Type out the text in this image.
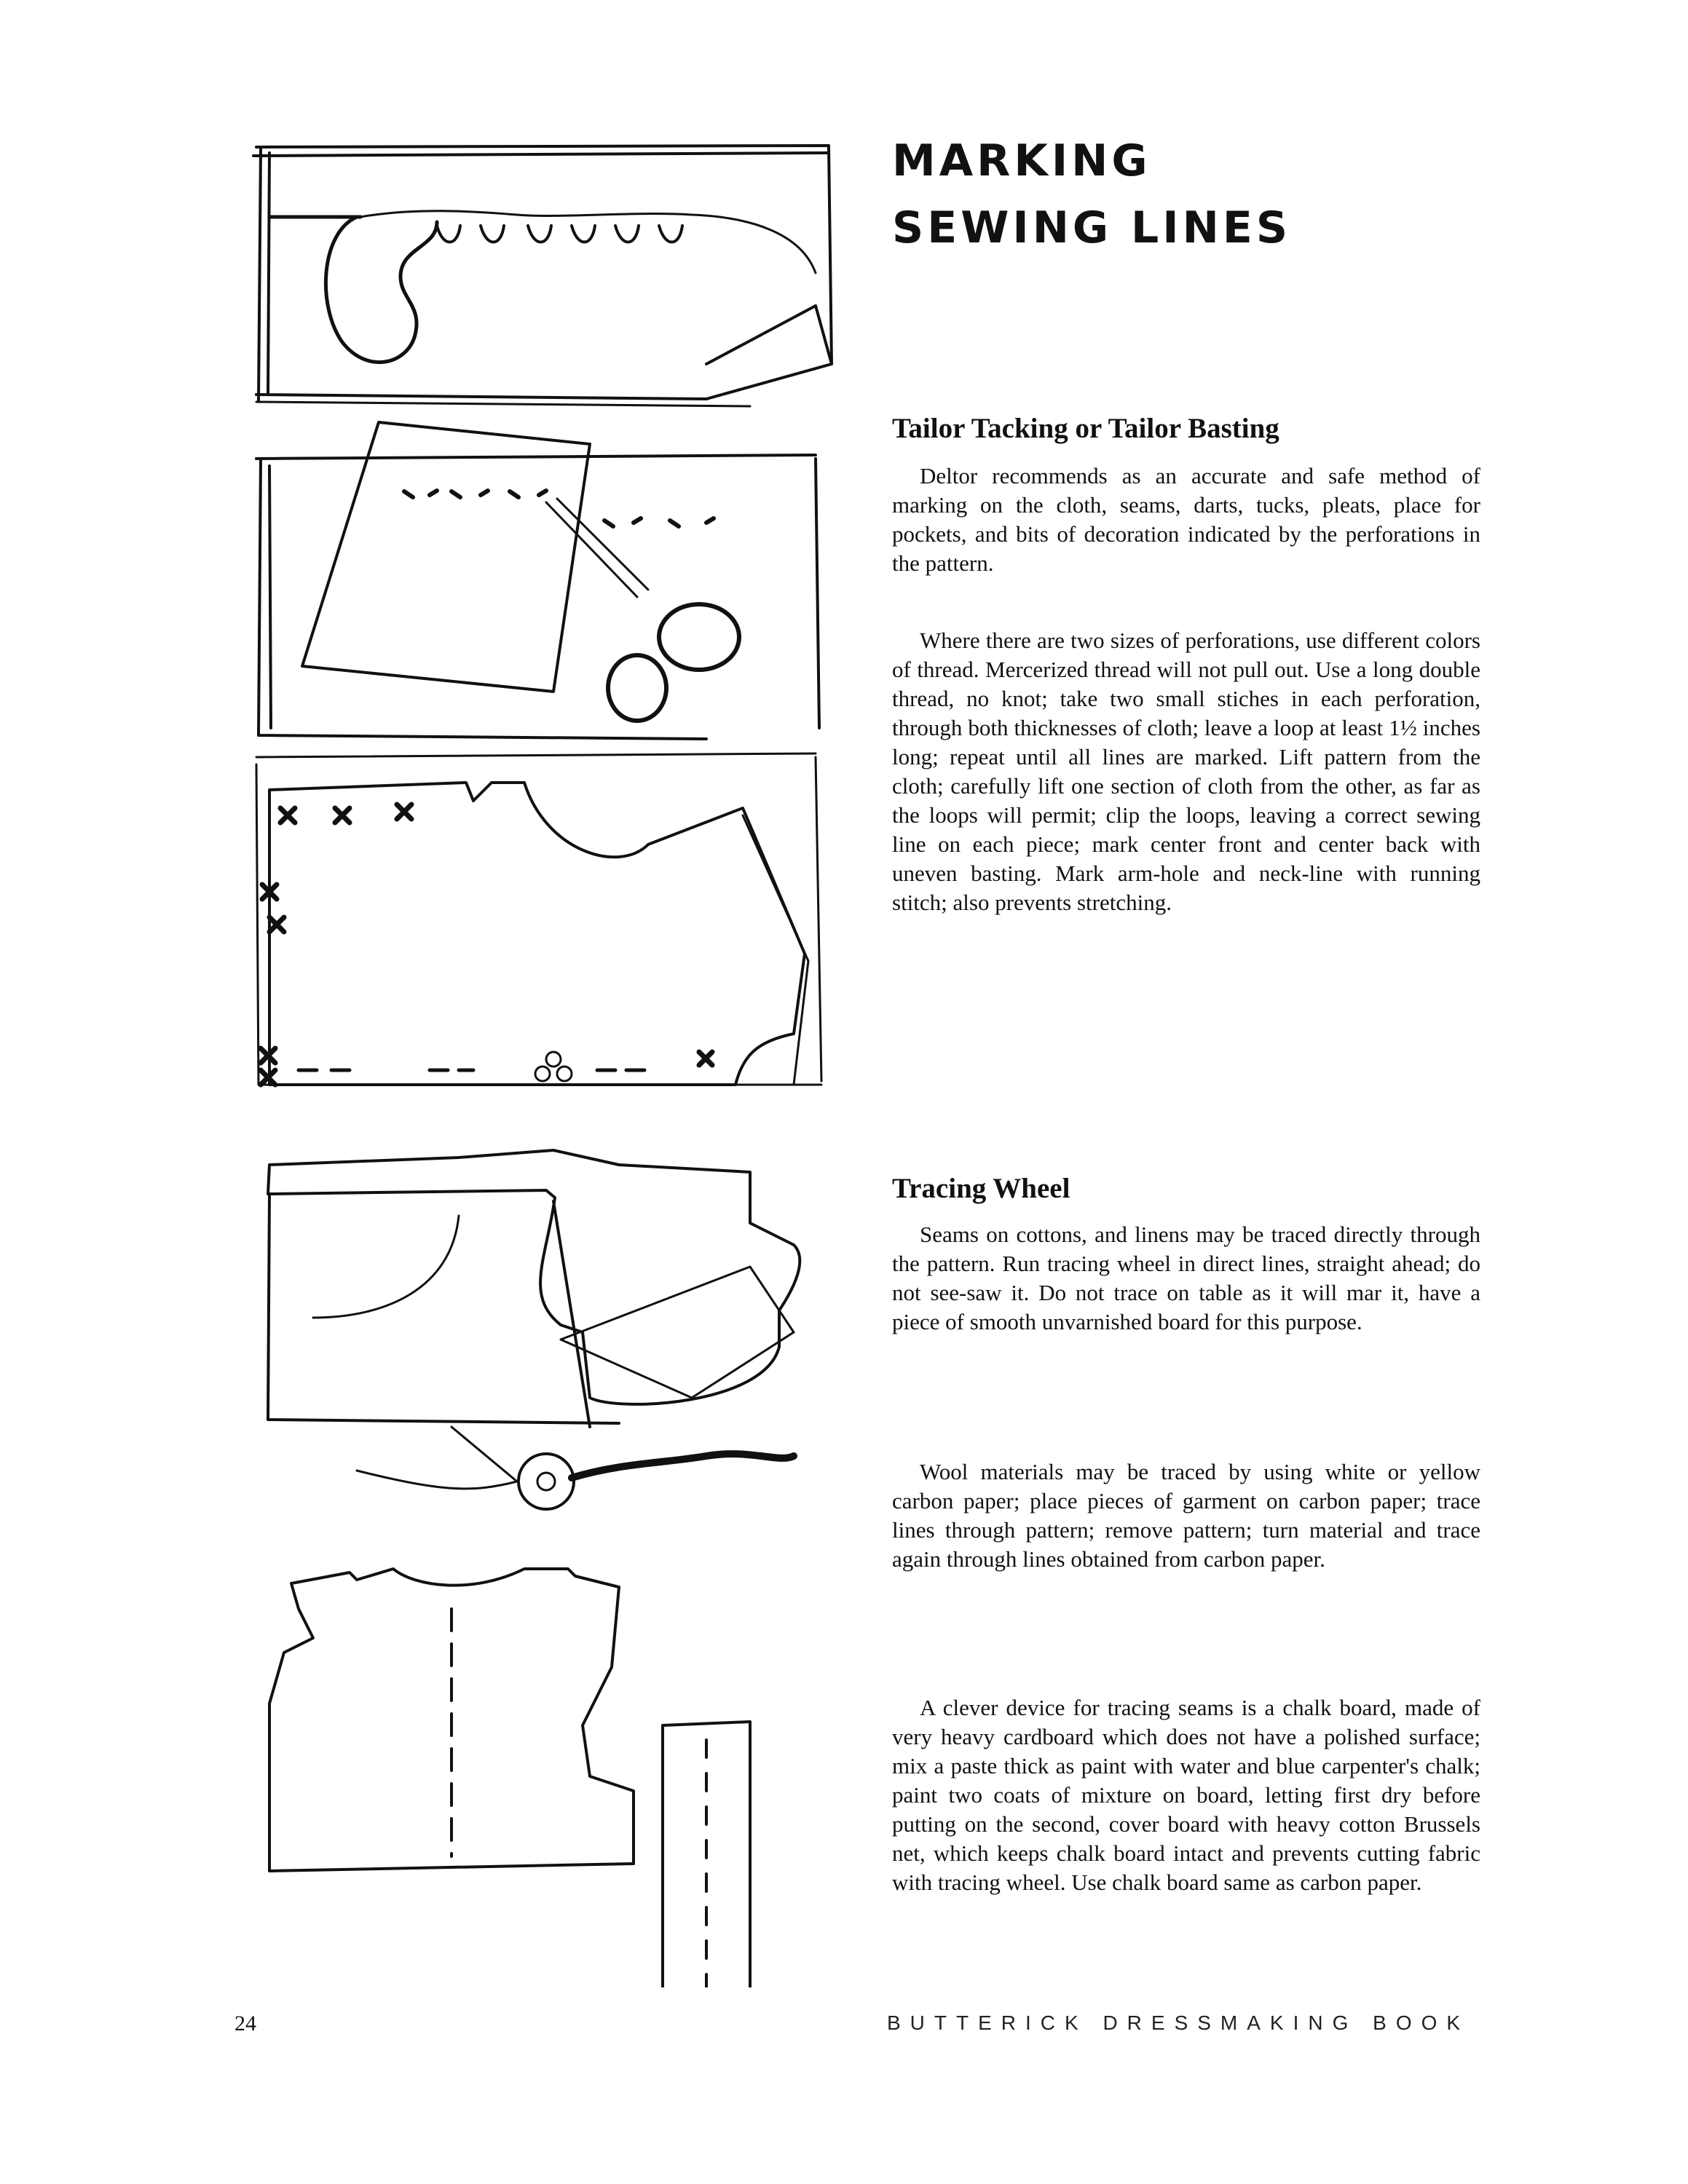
MARKING
SEWING LINES
Tailor Tacking or Tailor Basting

Deltor recommends as an accurate and safe method of marking on the cloth, seams, darts, tucks, pleats, place for pockets, and bits of decoration indicated by the perforations in the pattern.

Where there are two sizes of perforations, use different colors of thread. Mercerized thread will not pull out. Use a long double thread, no knot; take two small stiches in each perforation, through both thicknesses of cloth; leave a loop at least 1½ inches long; repeat until all lines are marked. Lift pattern from the cloth; carefully lift one section of cloth from the other, as far as the loops will permit; clip the loops, leaving a correct sewing line on each piece; mark center front and center back with uneven basting. Mark arm-hole and neck-line with running stitch; also prevents stretching.

Tracing Wheel

Seams on cottons, and linens may be traced directly through the pattern. Run tracing wheel in direct lines, straight ahead; do not see-saw it. Do not trace on table as it will mar it, have a piece of smooth unvarnished board for this purpose.

Wool materials may be traced by using white or yellow carbon paper; place pieces of garment on carbon paper; trace lines through pattern; remove pattern; turn material and trace again through lines obtained from carbon paper.

A clever device for tracing seams is a chalk board, made of very heavy cardboard which does not have a polished surface; mix a paste thick as paint with water and blue carpenter's chalk; paint two coats of mixture on board, letting first dry before putting on the second, cover board with heavy cotton Brussels net, which keeps chalk board intact and prevents cutting fabric with tracing wheel. Use chalk board same as carbon paper.

24	BUTTERICK DRESSMAKING BOOK
